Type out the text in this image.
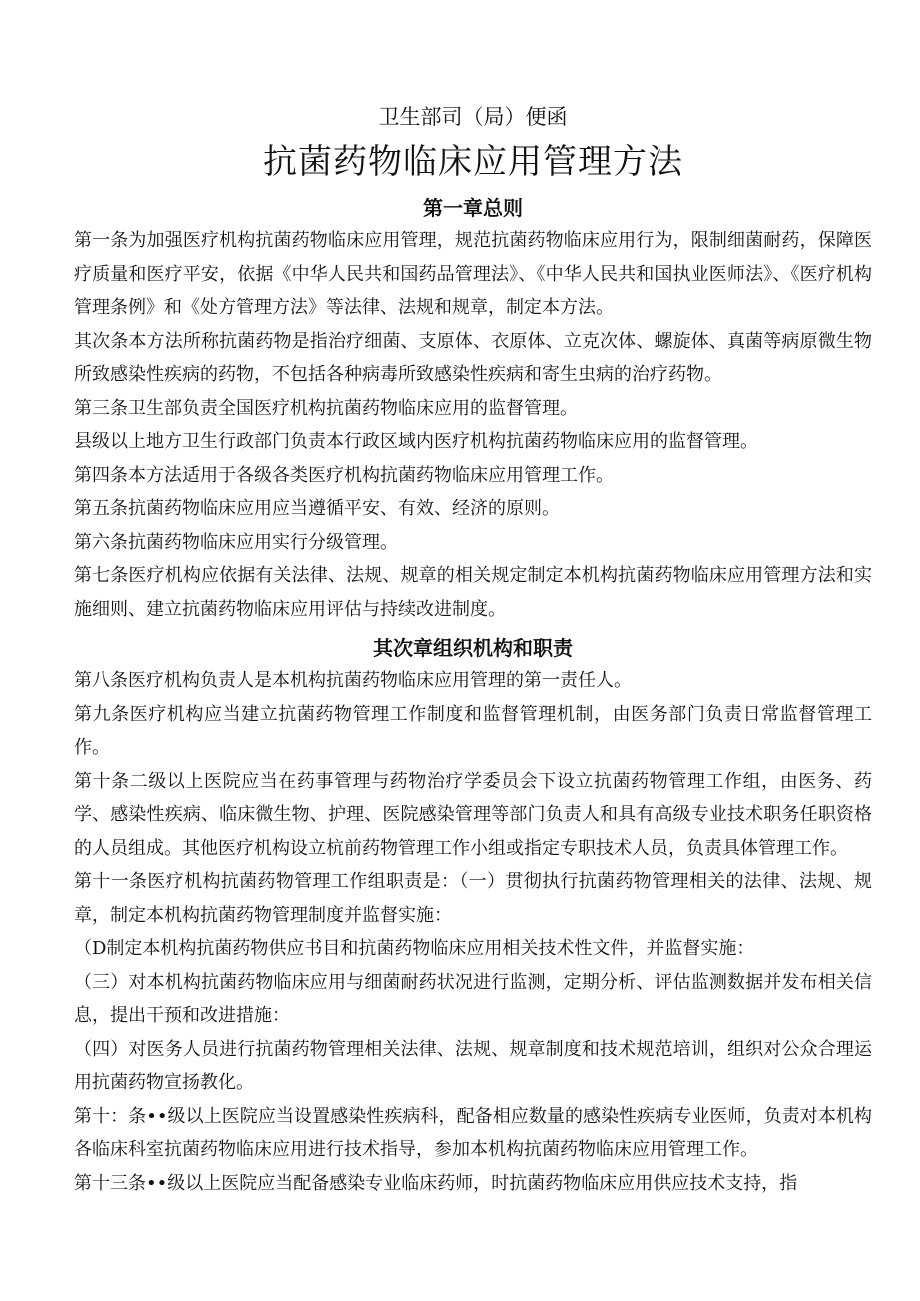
卫生部司（局）便函
抗菌药物临床应用管理方法
第一章总则

第一条为加强医疗机构抗菌药物临床应用管理，规范抗菌药物临床应用行为，限制细菌耐药，保障医疗质量和医疗平安，依据《中华人民共和国药品管理法》、《中华人民共和国执业医师法》、《医疗机构管理条例》和《处方管理方法》等法律、法规和规章，制定本方法。

其次条本方法所称抗菌药物是指治疗细菌、支原体、衣原体、立克次体、螺旋体、真菌等病原微生物所致感染性疾病的药物，不包括各种病毒所致感染性疾病和寄生虫病的治疗药物。

第三条卫生部负责全国医疗机构抗菌药物临床应用的监督管理。

县级以上地方卫生行政部门负责本行政区域内医疗机构抗菌药物临床应用的监督管理。

第四条本方法适用于各级各类医疗机构抗菌药物临床应用管理工作。

第五条抗菌药物临床应用应当遵循平安、有效、经济的原则。

第六条抗菌药物临床应用实行分级管理。

第七条医疗机构应依据有关法律、法规、规章的相关规定制定本机构抗菌药物临床应用管理方法和实施细则、建立抗菌药物临床应用评估与持续改进制度。

其次章组织机构和职责

第八条医疗机构负责人是本机构抗菌药物临床应用管理的第一责任人。

第九条医疗机构应当建立抗菌药物管理工作制度和监督管理机制，由医务部门负责日常监督管理工作。

第十条二级以上医院应当在药事管理与药物治疗学委员会下设立抗菌药物管理工作组，由医务、药学、感染性疾病、临床微生物、护理、医院感染管理等部门负责人和具有高级专业技术职务任职资格的人员组成。其他医疗机构设立杭前药物管理工作小组或指定专职技术人员，负责具体管理工作。

第十一条医疗机构抗菌药物管理工作组职责是：（一）贯彻执行抗菌药物管理相关的法律、法规、规章，制定本机构抗菌药物管理制度并监督实施：

（D制定本机构抗菌药物供应书目和抗菌药物临床应用相关技术性文件，并监督实施：

（三）对本机构抗菌药物临床应用与细菌耐药状况进行监测，定期分析、评估监测数据并发布相关信息，提出干预和改进措施：

（四）对医务人员进行抗菌药物管理相关法律、法规、规章制度和技术规范培训，组织对公众合理运用抗菌药物宣扬教化。

第十：条••级以上医院应当设置感染性疾病科，配备相应数量的感染性疾病专业医师，负责对本机构各临床科室抗菌药物临床应用进行技术指导，参加本机构抗菌药物临床应用管理工作。

第十三条••级以上医院应当配备感染专业临床药师，时抗菌药物临床应用供应技术支持，指
